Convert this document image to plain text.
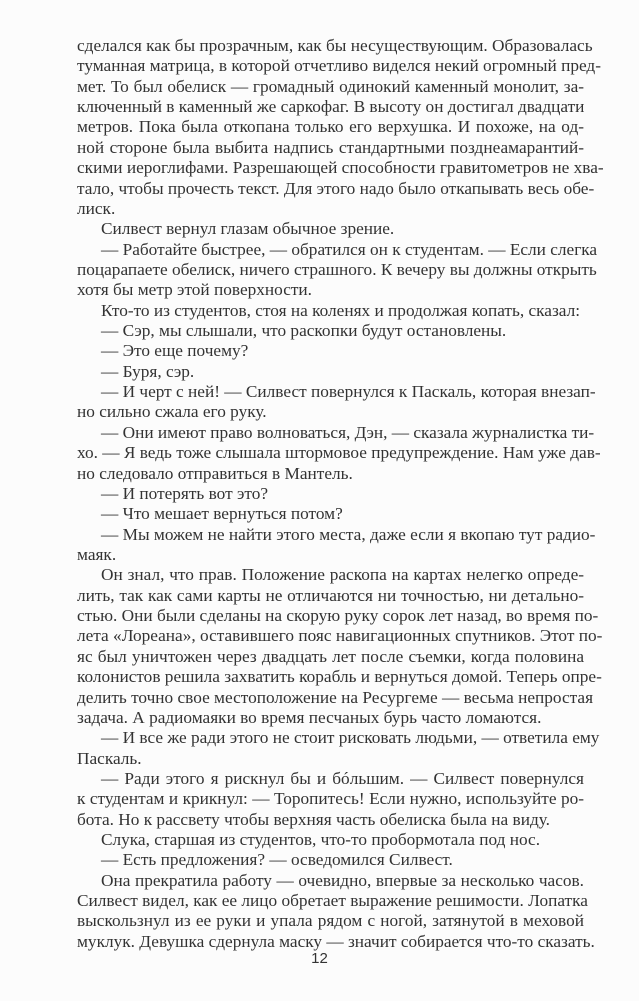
сделался как бы прозрачным, как бы несуществующим. Образовалась
туманная матрица, в которой отчетливо виделся некий огромный пред-
мет. То был обелиск — громадный одинокий каменный монолит, за-
ключенный в каменный же саркофаг. В высоту он достигал двадцати
метров. Пока была откопана только его верхушка. И похоже, на од-
ной стороне была выбита надпись стандартными позднеамарантий-
скими иероглифами. Разрешающей способности гравитометров не хва-
тало, чтобы прочесть текст. Для этого надо было откапывать весь обе-
лиск.
Силвест вернул глазам обычное зрение.
— Работайте быстрее, — обратился он к студентам. — Если слегка
поцарапаете обелиск, ничего страшного. К вечеру вы должны открыть
хотя бы метр этой поверхности.
Кто-то из студентов, стоя на коленях и продолжая копать, сказал:
— Сэр, мы слышали, что раскопки будут остановлены.
— Это еще почему?
— Буря, сэр.
— И черт с ней! — Силвест повернулся к Паскаль, которая внезап-
но сильно сжала его руку.
— Они имеют право волноваться, Дэн, — сказала журналистка ти-
хо. — Я ведь тоже слышала штормовое предупреждение. Нам уже дав-
но следовало отправиться в Мантель.
— И потерять вот это?
— Что мешает вернуться потом?
— Мы можем не найти этого места, даже если я вкопаю тут радио-
маяк.
Он знал, что прав. Положение раскопа на картах нелегко опреде-
лить, так как сами карты не отличаются ни точностью, ни детально-
стью. Они были сделаны на скорую руку сорок лет назад, во время по-
лета «Лореана», оставившего пояс навигационных спутников. Этот по-
яс был уничтожен через двадцать лет после съемки, когда половина
колонистов решила захватить корабль и вернуться домой. Теперь опре-
делить точно свое местоположение на Ресургеме — весьма непростая
задача. А радиомаяки во время песчаных бурь часто ломаются.
— И все же ради этого не стоит рисковать людьми, — ответила ему
Паскаль.
— Ради этого я рискнул бы и бóльшим. — Силвест повернулся
к студентам и крикнул: — Торопитесь! Если нужно, используйте ро-
бота. Но к рассвету чтобы верхняя часть обелиска была на виду.
Слука, старшая из студентов, что-то пробормотала под нос.
— Есть предложения? — осведомился Силвест.
Она прекратила работу — очевидно, впервые за несколько часов.
Силвест видел, как ее лицо обретает выражение решимости. Лопатка
выскользнул из ее руки и упала рядом с ногой, затянутой в меховой
муклук. Девушка сдернула маску — значит собирается что-то сказать.
12
